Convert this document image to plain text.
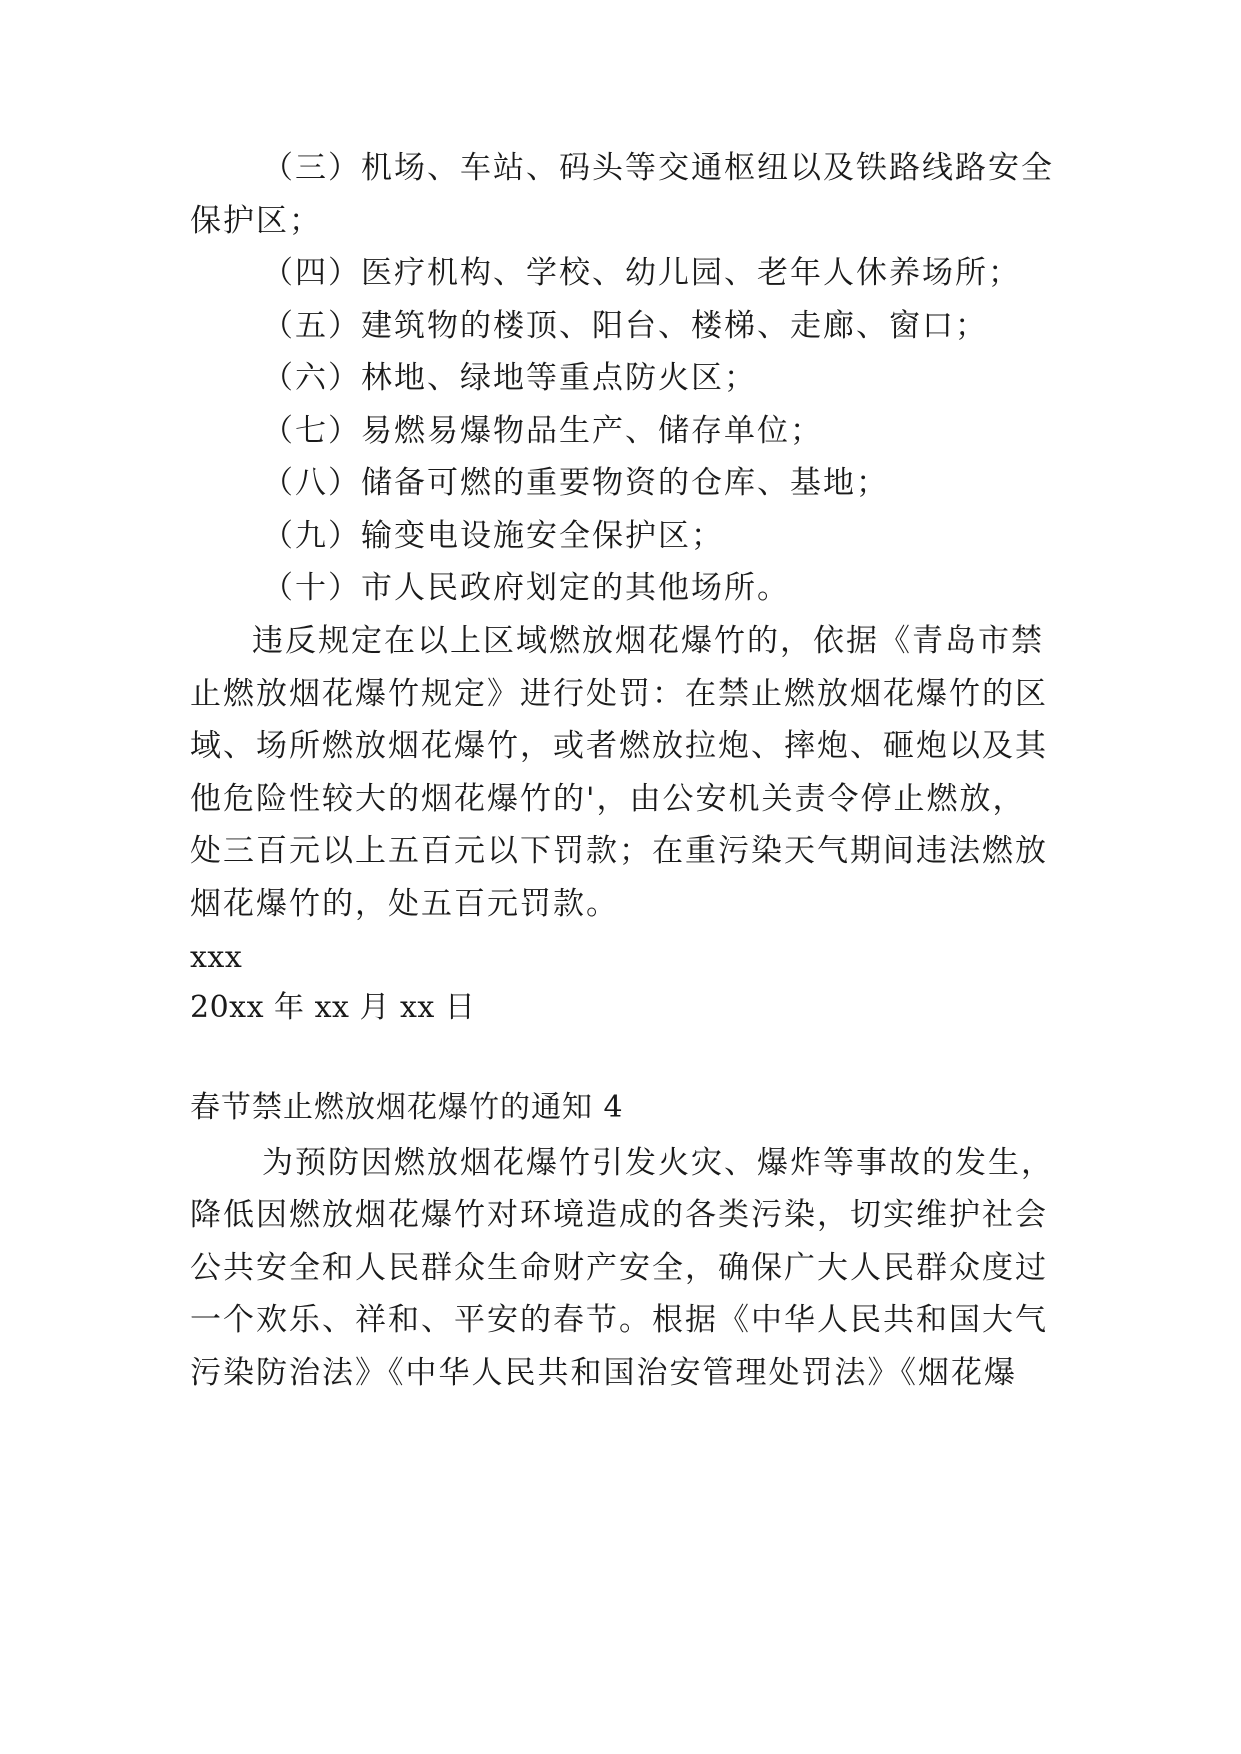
（三）机场、车站、码头等交通枢纽以及铁路线路安全
保护区；
（四）医疗机构、学校、幼儿园、老年人休养场所；
（五）建筑物的楼顶、阳台、楼梯、走廊、窗口；
（六）林地、绿地等重点防火区；
（七）易燃易爆物品生产、储存单位；
（八）储备可燃的重要物资的仓库、基地；
（九）输变电设施安全保护区；
（十）市人民政府划定的其他场所。
违反规定在以上区域燃放烟花爆竹的，依据《青岛市禁
止燃放烟花爆竹规定》进行处罚：在禁止燃放烟花爆竹的区
域、场所燃放烟花爆竹，或者燃放拉炮、摔炮、砸炮以及其
他危险性较大的烟花爆竹的'，由公安机关责令停止燃放，
处三百元以上五百元以下罚款；在重污染天气期间违法燃放
烟花爆竹的，处五百元罚款。
xxx
20xx 年 xx 月 xx 日
春节禁止燃放烟花爆竹的通知 4
为预防因燃放烟花爆竹引发火灾、爆炸等事故的发生，
降低因燃放烟花爆竹对环境造成的各类污染，切实维护社会
公共安全和人民群众生命财产安全，确保广大人民群众度过
一个欢乐、祥和、平安的春节。根据《中华人民共和国大气
污染防治法》《中华人民共和国治安管理处罚法》《烟花爆
